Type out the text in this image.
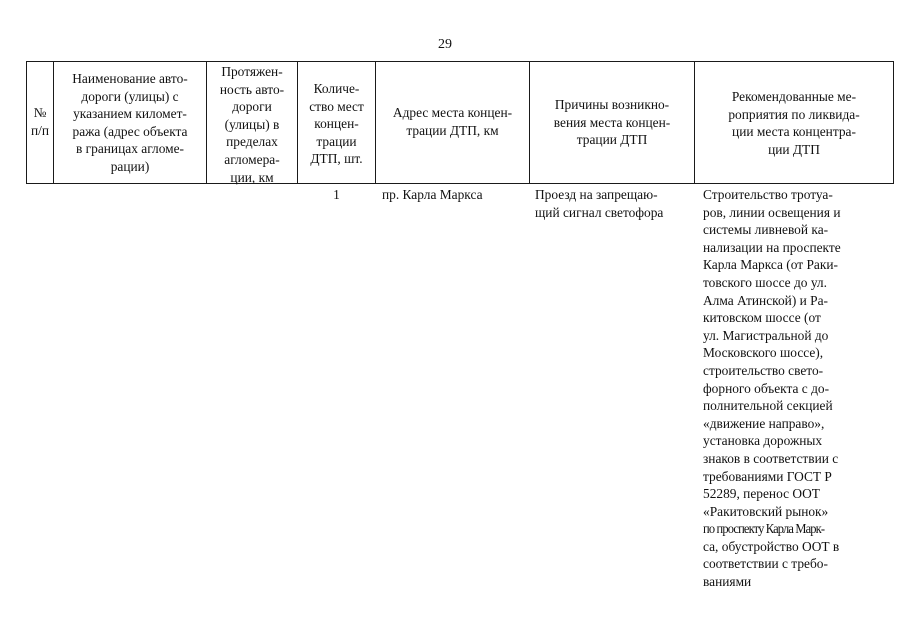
29
№
п/п
Наименование авто-
дороги (улицы) с
указанием километ-
ража (адрес объекта
в границах агломе-
рации)
Протяжен-
ность авто-
дороги
(улицы) в
пределах
агломера-
ции, км
Количе-
ство мест
концен-
трации
ДТП, шт.
Адрес места концен-
трации ДТП, км
Причины возникно-
вения места концен-
трации ДТП
Рекомендованные ме-
роприятия по ликвида-
ции места концентра-
ции ДТП
1	пр. Карла Маркса	Проезд на запрещаю-
щий сигнал светофора
Строительство тротуа-
ров, линии освещения и
системы ливневой ка-
нализации на проспекте
Карла Маркса (от Раки-
товского шоссе до ул.
Алма Атинской) и Ра-
китовском шоссе (от
ул. Магистральной до
Московского шоссе),
строительство свето-
форного объекта с до-
полнительной секцией
«движение направо»,
установка дорожных
знаков в соответствии с
требованиями ГОСТ Р
52289, перенос ООТ
«Ракитовский рынок»
по проспекту Карла Марк-
са, обустройство ООТ в
соответствии с требо-
ваниями
